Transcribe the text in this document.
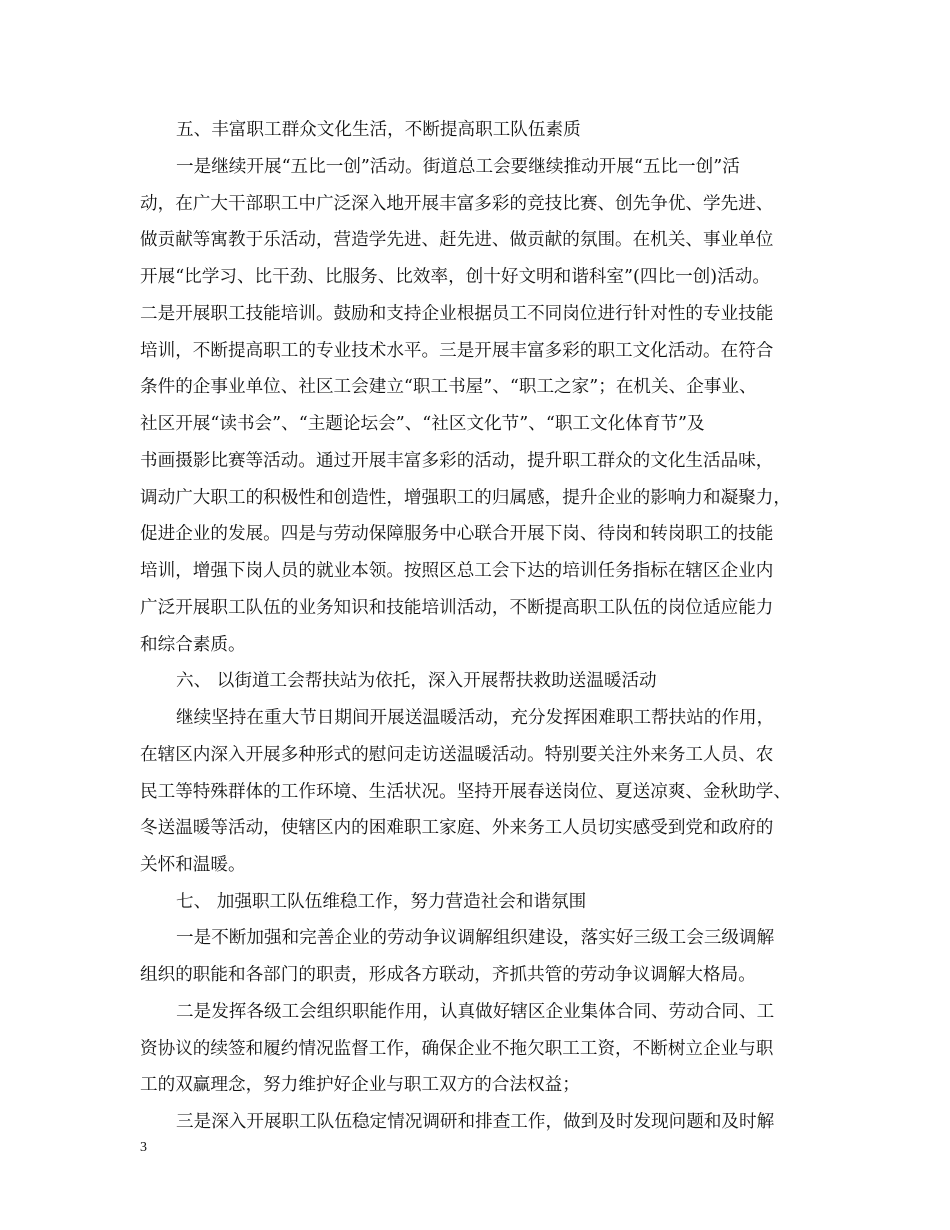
五、丰富职工群众文化生活，不断提高职工队伍素质
一是继续开展“五比一创”活动。街道总工会要继续推动开展“五比一创”活
动，在广大干部职工中广泛深入地开展丰富多彩的竞技比赛、创先争优、学先进、
做贡献等寓教于乐活动，营造学先进、赶先进、做贡献的氛围。在机关、事业单位
开展“比学习、比干劲、比服务、比效率，创十好文明和谐科室”(四比一创)活动。
二是开展职工技能培训。鼓励和支持企业根据员工不同岗位进行针对性的专业技能
培训，不断提高职工的专业技术水平。三是开展丰富多彩的职工文化活动。在符合
条件的企事业单位、社区工会建立“职工书屋”、“职工之家”；在机关、企事业、
社区开展“读书会”、“主题论坛会”、“社区文化节”、“职工文化体育节”及
书画摄影比赛等活动。通过开展丰富多彩的活动，提升职工群众的文化生活品味，
调动广大职工的积极性和创造性，增强职工的归属感，提升企业的影响力和凝聚力，
促进企业的发展。四是与劳动保障服务中心联合开展下岗、待岗和转岗职工的技能
培训，增强下岗人员的就业本领。按照区总工会下达的培训任务指标在辖区企业内
广泛开展职工队伍的业务知识和技能培训活动，不断提高职工队伍的岗位适应能力
和综合素质。
六、 以街道工会帮扶站为依托，深入开展帮扶救助送温暖活动
继续坚持在重大节日期间开展送温暖活动，充分发挥困难职工帮扶站的作用，
在辖区内深入开展多种形式的慰问走访送温暖活动。特别要关注外来务工人员、农
民工等特殊群体的工作环境、生活状况。坚持开展春送岗位、夏送凉爽、金秋助学、
冬送温暖等活动，使辖区内的困难职工家庭、外来务工人员切实感受到党和政府的
关怀和温暖。
七、 加强职工队伍维稳工作，努力营造社会和谐氛围
一是不断加强和完善企业的劳动争议调解组织建设，落实好三级工会三级调解
组织的职能和各部门的职责，形成各方联动，齐抓共管的劳动争议调解大格局。
二是发挥各级工会组织职能作用，认真做好辖区企业集体合同、劳动合同、工
资协议的续签和履约情况监督工作，确保企业不拖欠职工工资，不断树立企业与职
工的双赢理念，努力维护好企业与职工双方的合法权益；
三是深入开展职工队伍稳定情况调研和排查工作，做到及时发现问题和及时解
3
